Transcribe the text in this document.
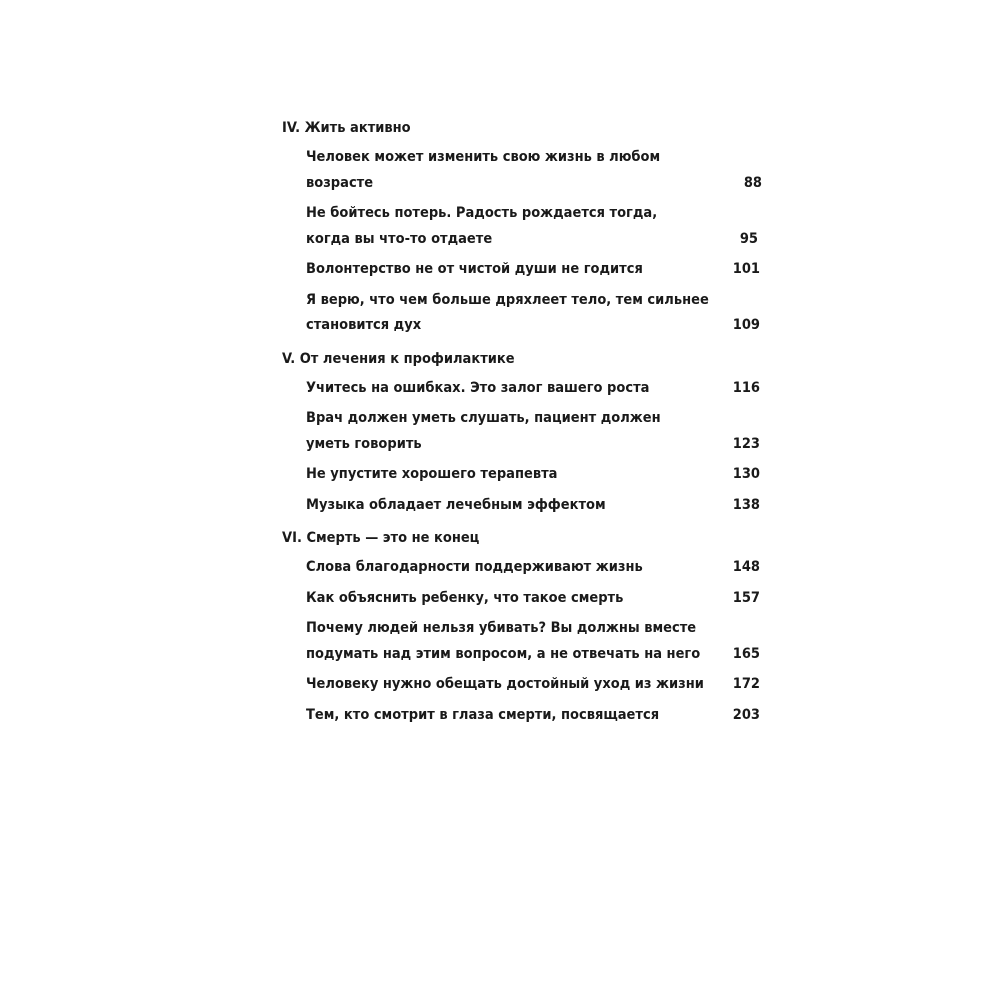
IV. Жить активно
Человек может изменить свою жизнь в любом возрасте	88
Не бойтесь потерь. Радость рождается тогда,
когда вы что-то отдаете	95
Волонтерство не от чистой души не годится	101
Я верю, что чем больше дряхлеет тело, тем сильнее
становится дух	109
V. От лечения к профилактике
Учитесь на ошибках. Это залог вашего роста	116
Врач должен уметь слушать, пациент должен
уметь говорить	123
Не упустите хорошего терапевта	130
Музыка обладает лечебным эффектом	138
VI. Смерть — это не конец
Слова благодарности поддерживают жизнь	148
Как объяснить ребенку, что такое смерть	157
Почему людей нельзя убивать? Вы должны вместе
подумать над этим вопросом, а не отвечать на него	165
Человеку нужно обещать достойный уход из жизни	172
Тем, кто смотрит в глаза смерти, посвящается	203
